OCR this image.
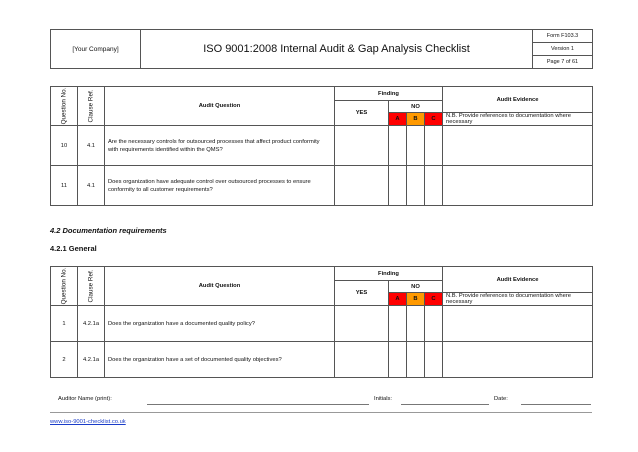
[Your Company]	ISO 9001:2008 Internal Audit & Gap Analysis Checklist	Form F103.3
Version 1
Page 7 of 61
Question No.	Clause Ref.	Audit Question	Finding				Audit Evidence
			YES	NO			
				A	B	C	N.B. Provide references to documentation where necessary
10	4.1	Are the necessary controls for outsourced processes that affect product conformity with requirements identified within the QMS?					
11	4.1	Does organization have adequate control over outsourced processes to ensure conformity to all customer requirements?					
4.2 Documentation requirements
4.2.1 General
Question No.	Clause Ref.	Audit Question	Finding				Audit Evidence
			YES	NO			
				A	B	C	N.B. Provide references to documentation where necessary
1	4.2.1a	Does the organization have a documented quality policy?					
2	4.2.1a	Does the organization have a set of documented quality objectives?					
Auditor Name (print):	Initials:	Date:
www.iso-9001-checklist.co.uk
